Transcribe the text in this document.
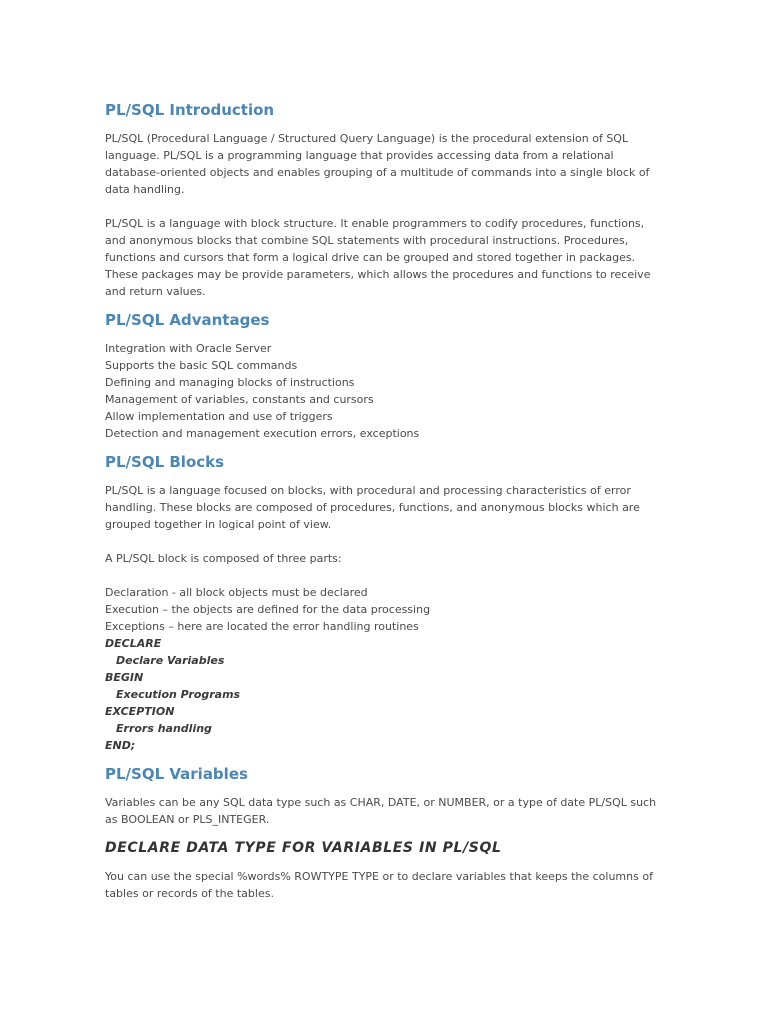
PL/SQL Introduction

PL/SQL (Procedural Language / Structured Query Language) is the procedural extension of SQL language. PL/SQL is a programming language that provides accessing data from a relational database-oriented objects and enables grouping of a multitude of commands into a single block of data handling.

PL/SQL is a language with block structure. It enable programmers to codify procedures, functions, and anonymous blocks that combine SQL statements with procedural instructions. Procedures, functions and cursors that form a logical drive can be grouped and stored together in packages. These packages may be provide parameters, which allows the procedures and functions to receive and return values.

PL/SQL Advantages
Integration with Oracle Server
Supports the basic SQL commands
Defining and managing blocks of instructions
Management of variables, constants and cursors
Allow implementation and use of triggers
Detection and management execution errors, exceptions
PL/SQL Blocks

PL/SQL is a language focused on blocks, with procedural and processing characteristics of error handling. These blocks are composed of procedures, functions, and anonymous blocks which are grouped together in logical point of view.

A PL/SQL block is composed of three parts:

Declaration - all block objects must be declared
Execution – the objects are defined for the data processing
Exceptions – here are located the error handling routines
DECLARE
Declare Variables
BEGIN
Execution Programs
EXCEPTION
Errors handling
END;
PL/SQL Variables

Variables can be any SQL data type such as CHAR, DATE, or NUMBER, or a type of date PL/SQL such as BOOLEAN or PLS_INTEGER.

DECLARE DATA TYPE FOR VARIABLES IN PL/SQL

You can use the special %words% ROWTYPE TYPE or to declare variables that keeps the columns of tables or records of the tables.
